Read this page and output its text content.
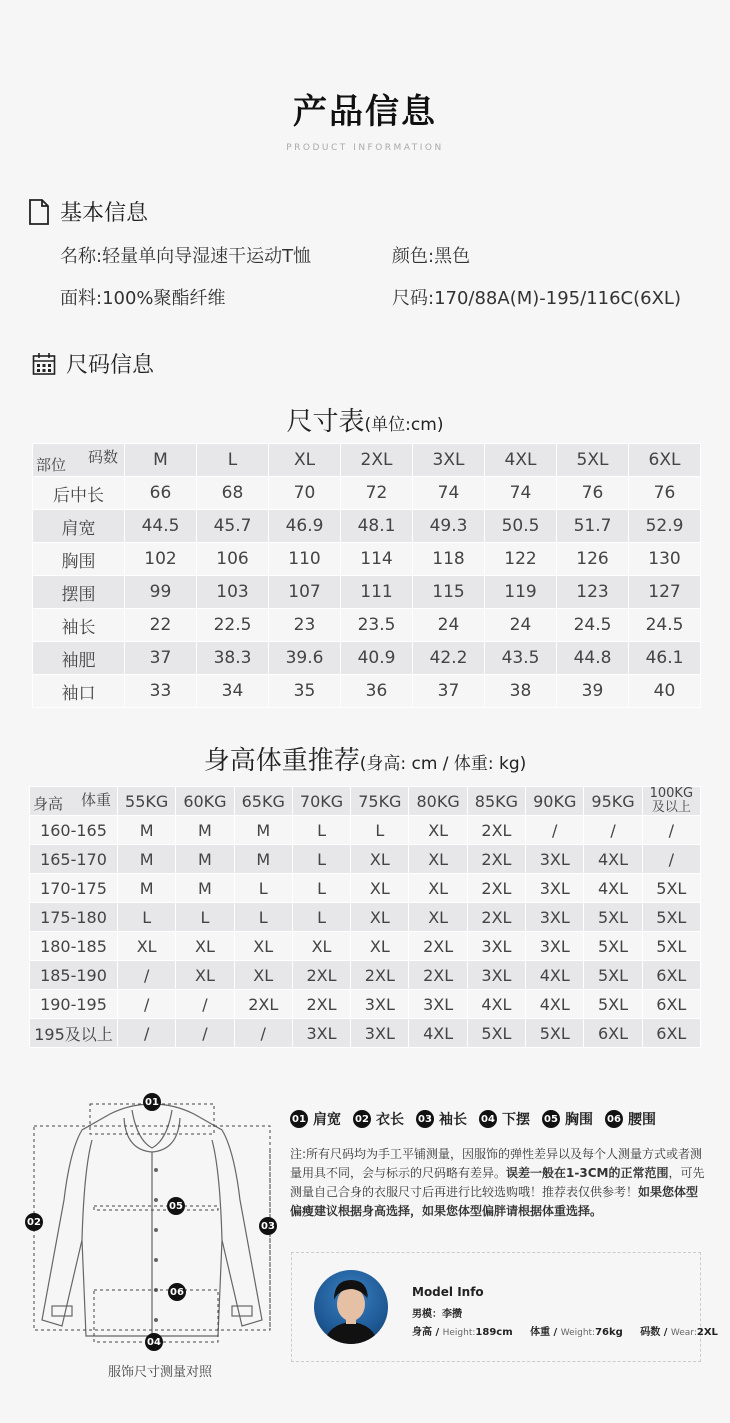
产品信息
PRODUCT INFORMATION
基本信息
名称:轻量单向导湿速干运动T恤	颜色:黑色
面料:100%聚酯纤维	尺码:170/88A(M)-195/116C(6XL)
尺码信息
尺寸表(单位:cm)
码数
部位	M	L	XL	2XL	3XL	4XL	5XL	6XL
后中长	66	68	70	72	74	74	76	76
肩宽	44.5	45.7	46.9	48.1	49.3	50.5	51.7	52.9
胸围	102	106	110	114	118	122	126	130
摆围	99	103	107	111	115	119	123	127
袖长	22	22.5	23	23.5	24	24	24.5	24.5
袖肥	37	38.3	39.6	40.9	42.2	43.5	44.8	46.1
袖口	33	34	35	36	37	38	39	40
身高体重推荐(身高: cm / 体重: kg)
体重
身高	55KG	60KG	65KG	70KG	75KG	80KG	85KG	90KG	95KG	100KG
及以上

160-165	M	M	M	L	L	XL	2XL	/	/	/
165-170	M	M	M	L	XL	XL	2XL	3XL	4XL	/
170-175	M	M	L	L	XL	XL	2XL	3XL	4XL	5XL
175-180	L	L	L	L	XL	XL	2XL	3XL	5XL	5XL
180-185	XL	XL	XL	XL	XL	2XL	3XL	3XL	5XL	5XL
185-190	/	XL	XL	2XL	2XL	2XL	3XL	4XL	5XL	6XL
190-195	/	/	2XL	2XL	3XL	3XL	4XL	4XL	5XL	6XL
195及以上	/	/	/	3XL	3XL	4XL	5XL	5XL	6XL	6XL
01
02	03
04
05
06
服饰尺寸测量对照
01 肩宽 02 衣长 03 袖长 04 下摆 05 胸围 06 腰围
注:所有尺码均为手工平铺测量，因服饰的弹性差异以及每个人测量方式或者测量用具不同，会与标示的尺码略有差异。误差一般在1-3CM的正常范围，可先测量自己合身的衣服尺寸后再进行比较选购哦！推荐表仅供参考！如果您体型偏瘦建议根据身高选择，如果您体型偏胖请根据体重选择。
Model Info
男模：李攒
身高 / Height:189cm 体重 / Weight:76kg 码数 / Wear:2XL
